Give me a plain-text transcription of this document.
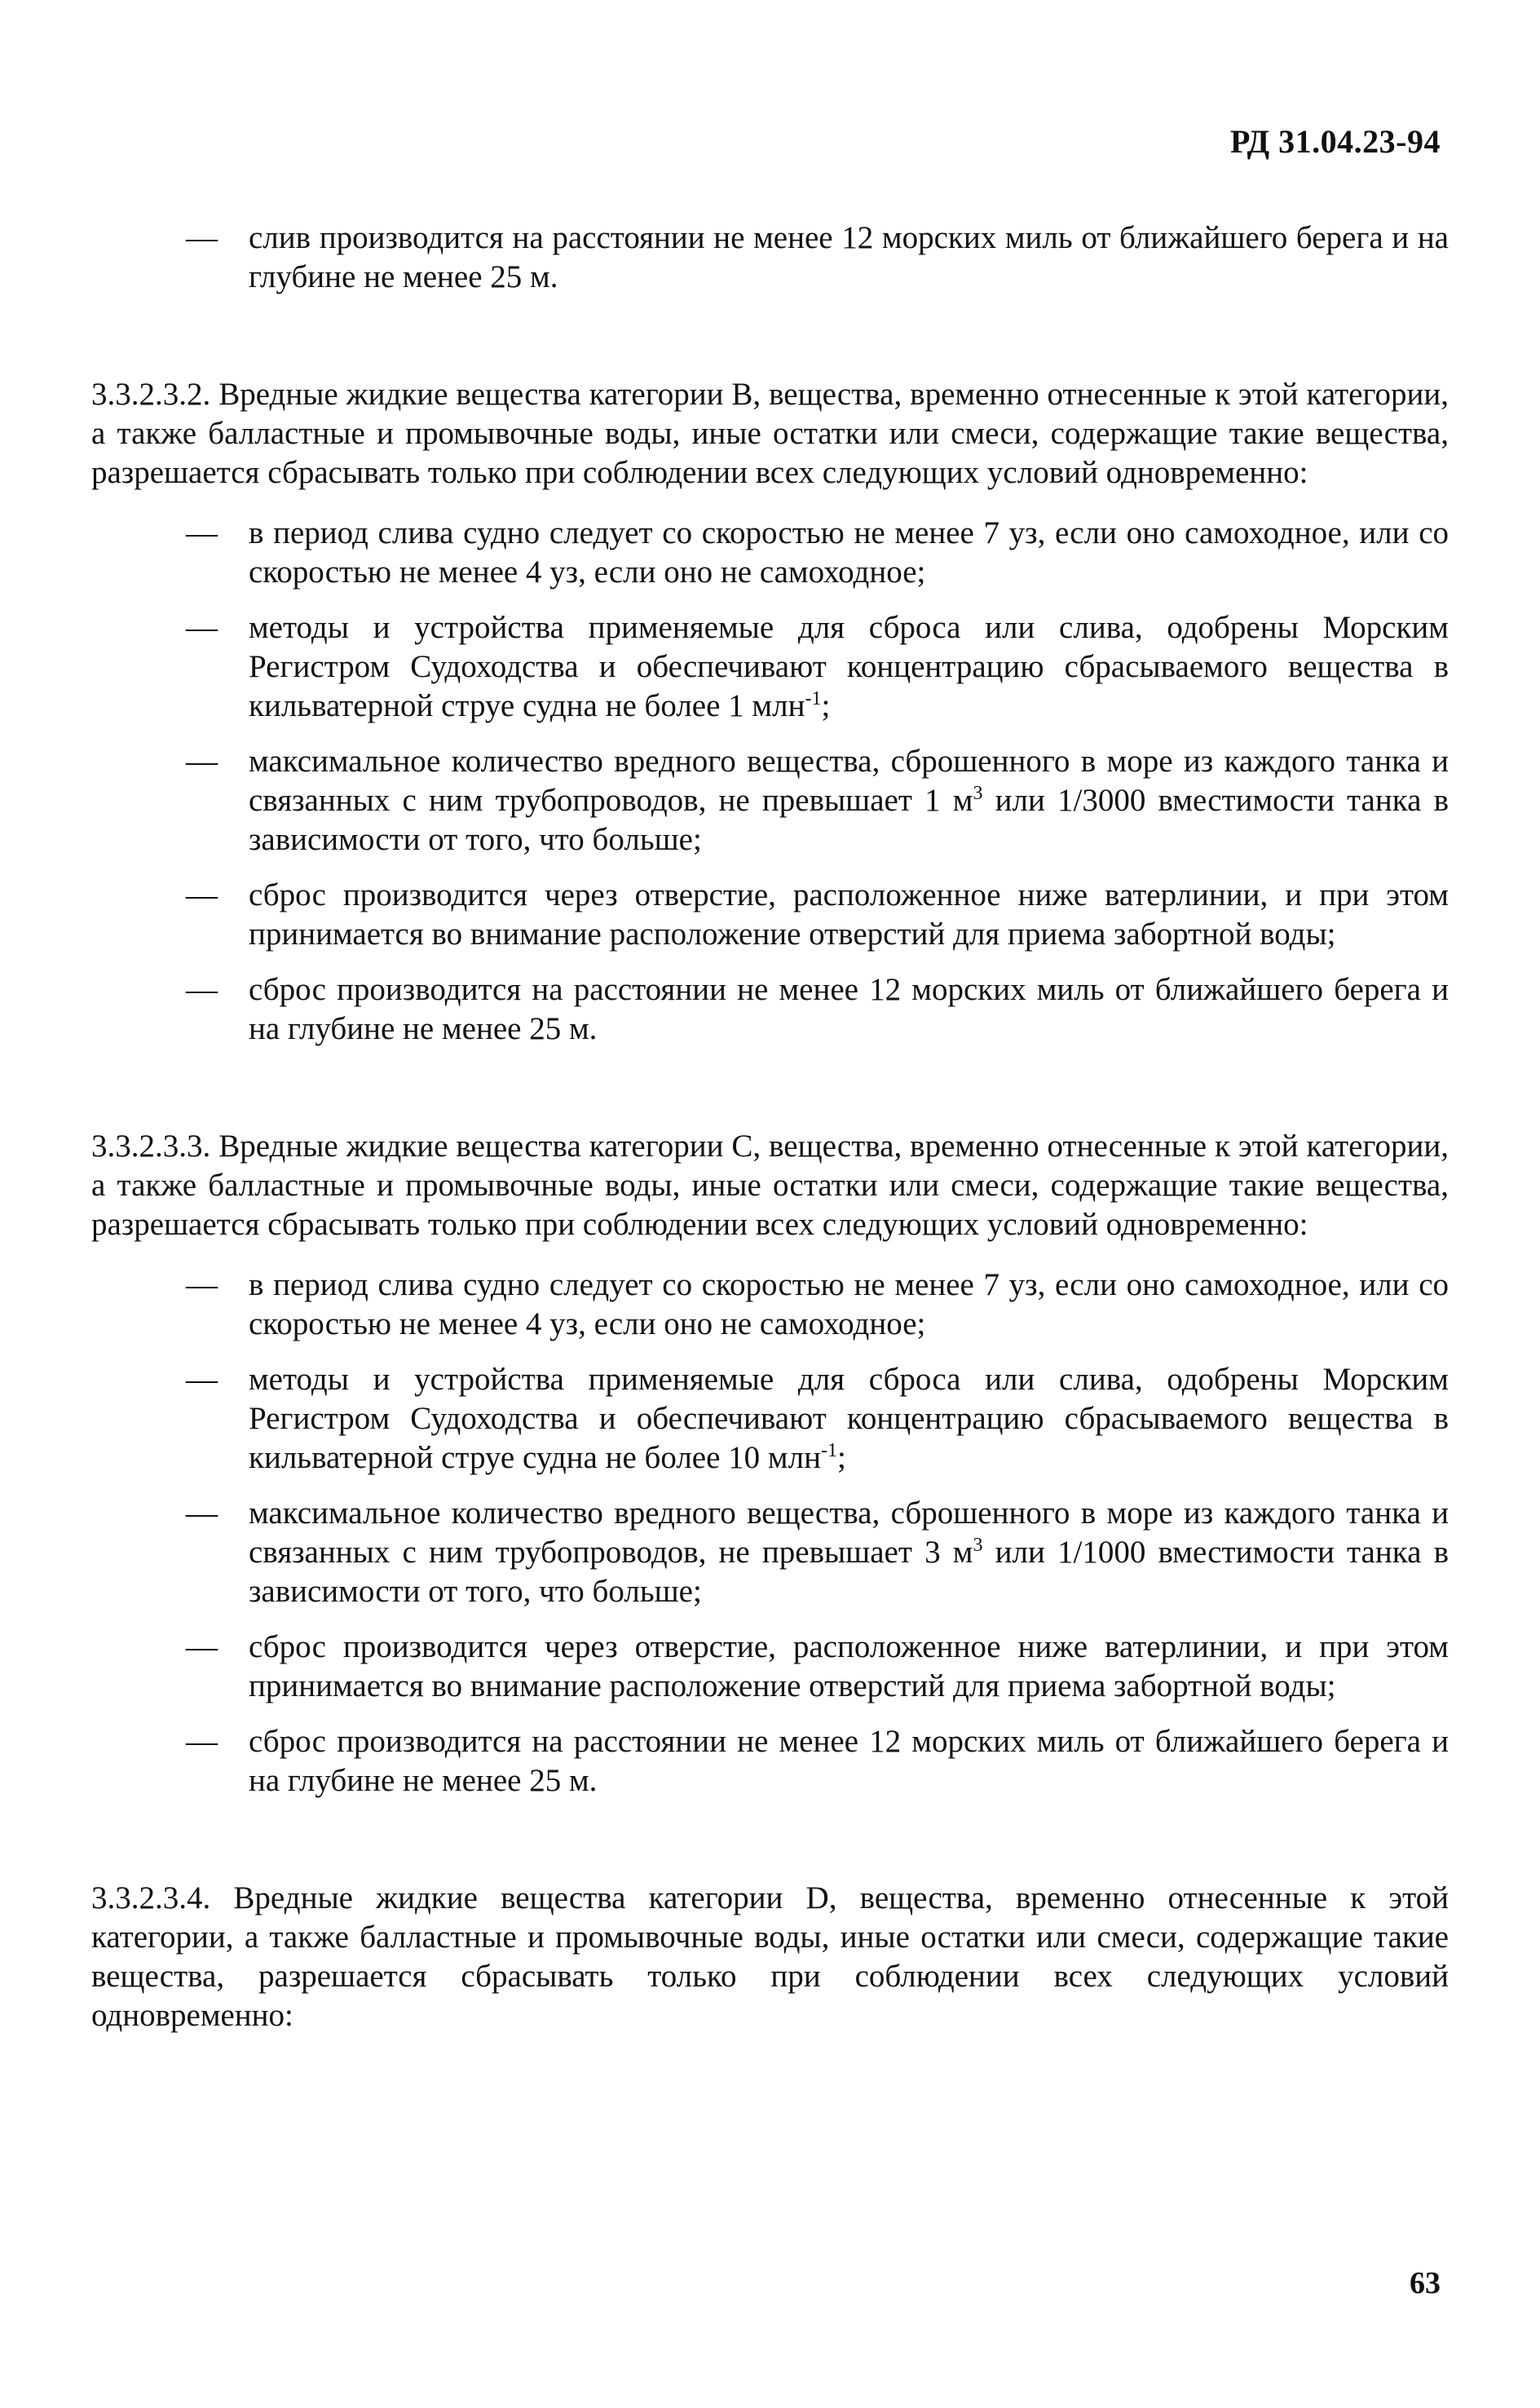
РД 31.04.23-94
— слив производится на расстоянии не менее 12 морских миль от ближайшего берега и на глубине не менее 25 м.
3.3.2.3.2. Вредные жидкие вещества категории В, вещества, временно отнесенные к этой категории, а также балластные и промывочные воды, иные остатки или смеси, содержащие такие вещества, разрешается сбрасывать только при соблюдении всех следующих условий одновременно:
— в период слива судно следует со скоростью не менее 7 уз, если оно самоходное, или со скоростью не менее 4 уз, если оно не самоходное;
— методы и устройства применяемые для сброса или слива, одобрены Морским Регистром Судоходства и обеспечивают концентрацию сбрасываемого вещества в кильватерной струе судна не более 1 млн$^{-1}$;
— максимальное количество вредного вещества, сброшенного в море из каждого танка и связанных с ним трубопроводов, не превышает 1 $м^3$ или 1/3000 вместимости танка в зависимости от того, что больше;
— сброс производится через отверстие, расположенное ниже ватерлинии, и при этом принимается во внимание расположение отверстий для приема забортной воды;
— сброс производится на расстоянии не менее 12 морских миль от ближайшего берега и на глубине не менее 25 м.
3.3.2.3.3. Вредные жидкие вещества категории С, вещества, временно отнесенные к этой категории, а также балластные и промывочные воды, иные остатки или смеси, содержащие такие вещества, разрешается сбрасывать только при соблюдении всех следующих условий одновременно:
— в период слива судно следует со скоростью не менее 7 уз, если оно самоходное, или со скоростью не менее 4 уз, если оно не самоходное;
— методы и устройства применяемые для сброса или слива, одобрены Морским Регистром Судоходства и обеспечивают концентрацию сбрасываемого вещества в кильватерной струе судна не более 10 млн$^{-1}$;
— максимальное количество вредного вещества, сброшенного в море из каждого танка и связанных с ним трубопроводов, не превышает 3 $м^3$ или 1/1000 вместимости танка в зависимости от того, что больше;
— сброс производится через отверстие, расположенное ниже ватерлинии, и при этом принимается во внимание расположение отверстий для приема забортной воды;
— сброс производится на расстоянии не менее 12 морских миль от ближайшего берега и на глубине не менее 25 м.
3.3.2.3.4. Вредные жидкие вещества категории D, вещества, временно отнесенные к этой категории, а также балластные и промывочные воды, иные остатки или смеси, содержащие такие вещества, разрешается сбрасывать только при соблюдении всех следующих условий одновременно:
63
